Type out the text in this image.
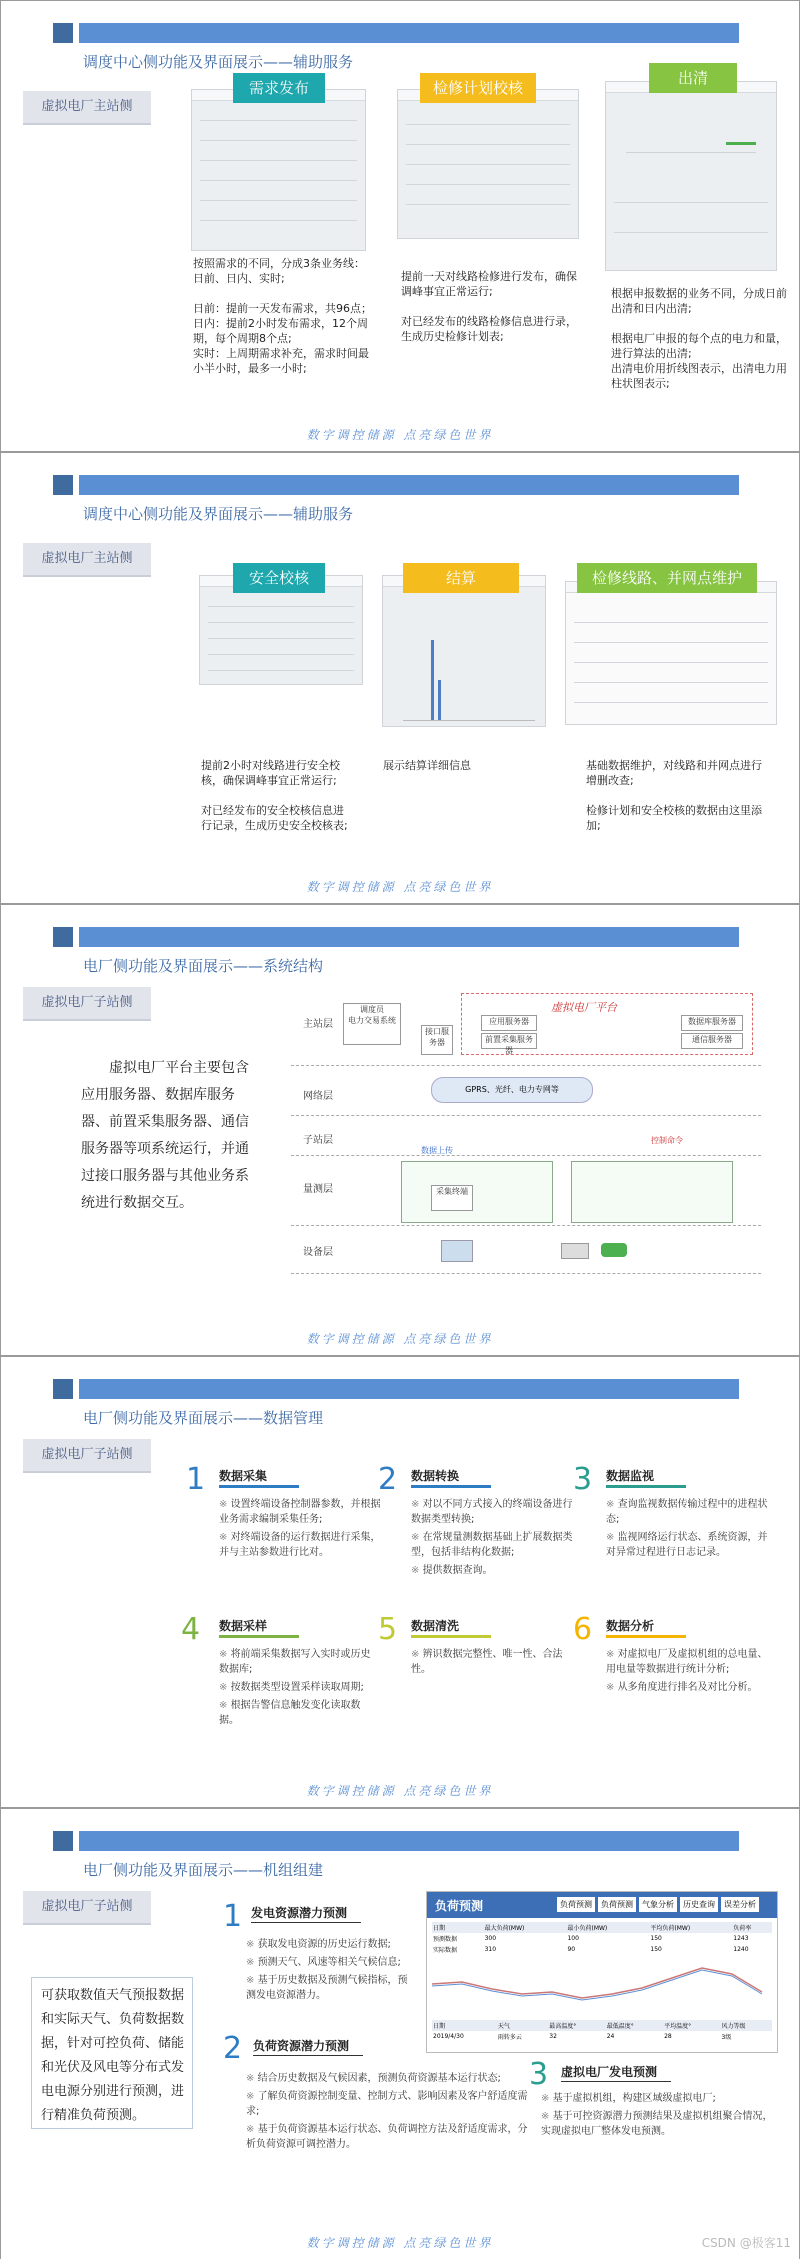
调度中心侧功能及界面展示——辅助服务
虚拟电厂主站侧
需求发布	检修计划校核
出清

按照需求的不同，分成3条业务线：日前、日内、实时;

日前：提前一天发布需求，共96点；日内：提前2小时发布需求，12个周期，每个周期8个点;

实时：上周期需求补充，需求时间最小半小时，最多一小时;

提前一天对线路检修进行发布，确保调峰事宜正常运行;

对已经发布的线路检修信息进行录，生成历史检修计划表;

根据申报数据的业务不同，分成日前出清和日内出清;

根据电厂申报的每个点的电力和量，进行算法的出清;

出清电价用折线图表示，出清电力用柱状图表示;

数字调控储源 点亮绿色世界
调度中心侧功能及界面展示——辅助服务
虚拟电厂主站侧
安全校核	结算	检修线路、并网点维护

提前2小时对线路进行安全校核，确保调峰事宜正常运行;

对已经发布的安全校核信息进行记录，生成历史安全校核表;

展示结算详细信息	基础数据维护，对线路和并网点进行增删改查;

检修计划和安全校核的数据由这里添加;

数字调控储源 点亮绿色世界
电厂侧功能及界面展示——系统结构
虚拟电厂子站侧
虚拟电厂平台主要包含应用服务器、数据库服务器、前置采集服务器、通信服务器等项系统运行，并通过接口服务器与其他业务系统进行数据交互。
主站层
网络层
子站层
量测层
设备层
调度员
电力交易系统
接口服务器
虚拟电厂平台
应用服务器
前置采集服务器
数据库服务器
通信服务器
GPRS、光纤、电力专网等
采集终端
数据上传
控制命令
数字调控储源 点亮绿色世界
电厂侧功能及界面展示——数据管理
虚拟电厂子站侧
1 数据采集

※ 设置终端设备控制器参数，并根据业务需求编制采集任务;

※ 对终端设备的运行数据进行采集，并与主站参数进行比对。

2 数据转换

※ 对以不同方式接入的终端设备进行数据类型转换;

※ 在常规量测数据基础上扩展数据类型，包括非结构化数据;

※ 提供数据查询。

3 数据监视

※ 查询监视数据传输过程中的进程状态;

※ 监视网络运行状态、系统资源，并对异常过程进行日志记录。

4 数据采样

※ 将前端采集数据写入实时或历史数据库;

※ 按数据类型设置采样读取周期;

※ 根据告警信息触发变化读取数据。

5 数据清洗

※ 辨识数据完整性、唯一性、合法性。

6 数据分析

※ 对虚拟电厂及虚拟机组的总电量、用电量等数据进行统计分析;

※ 从多角度进行排名及对比分析。

数字调控储源 点亮绿色世界
电厂侧功能及界面展示——机组组建
虚拟电厂子站侧
可获取数值天气预报数据和实际天气、负荷数据数据，针对可控负荷、储能和光伏及风电等分布式发电电源分别进行预测，进行精准负荷预测。
1 发电资源潜力预测

※ 获取发电资源的历史运行数据;

※ 预测天气、风速等相关气候信息;

※ 基于历史数据及预测气候指标，预测发电资源潜力。

2 负荷资源潜力预测

※ 结合历史数据及气候因素，预测负荷资源基本运行状态;

※ 了解负荷资源控制变量、控制方式、影响因素及客户舒适度需求;

※ 基于负荷资源基本运行状态、负荷调控方法及舒适度需求，分析负荷资源可调控潜力。

3 虚拟电厂发电预测

※ 基于虚拟机组，构建区域级虚拟电厂;

※ 基于可控资源潜力预测结果及虚拟机组聚合情况，实现虚拟电厂整体发电预测。

负荷预测	负荷预测	负荷预测	气象分析	历史查询	误差分析
日期	最大负荷(MW)	最小负荷(MW)	平均负荷(MW)	负荷率
预测数据	300	100	150	1243
实际数据	310	90	150	1240
日期	天气	最高温度°	最低温度°	平均温度°	风力等级
2019/4/30	雨转多云	32	24	28	3级
数字调控储源 点亮绿色世界	CSDN @极客11
